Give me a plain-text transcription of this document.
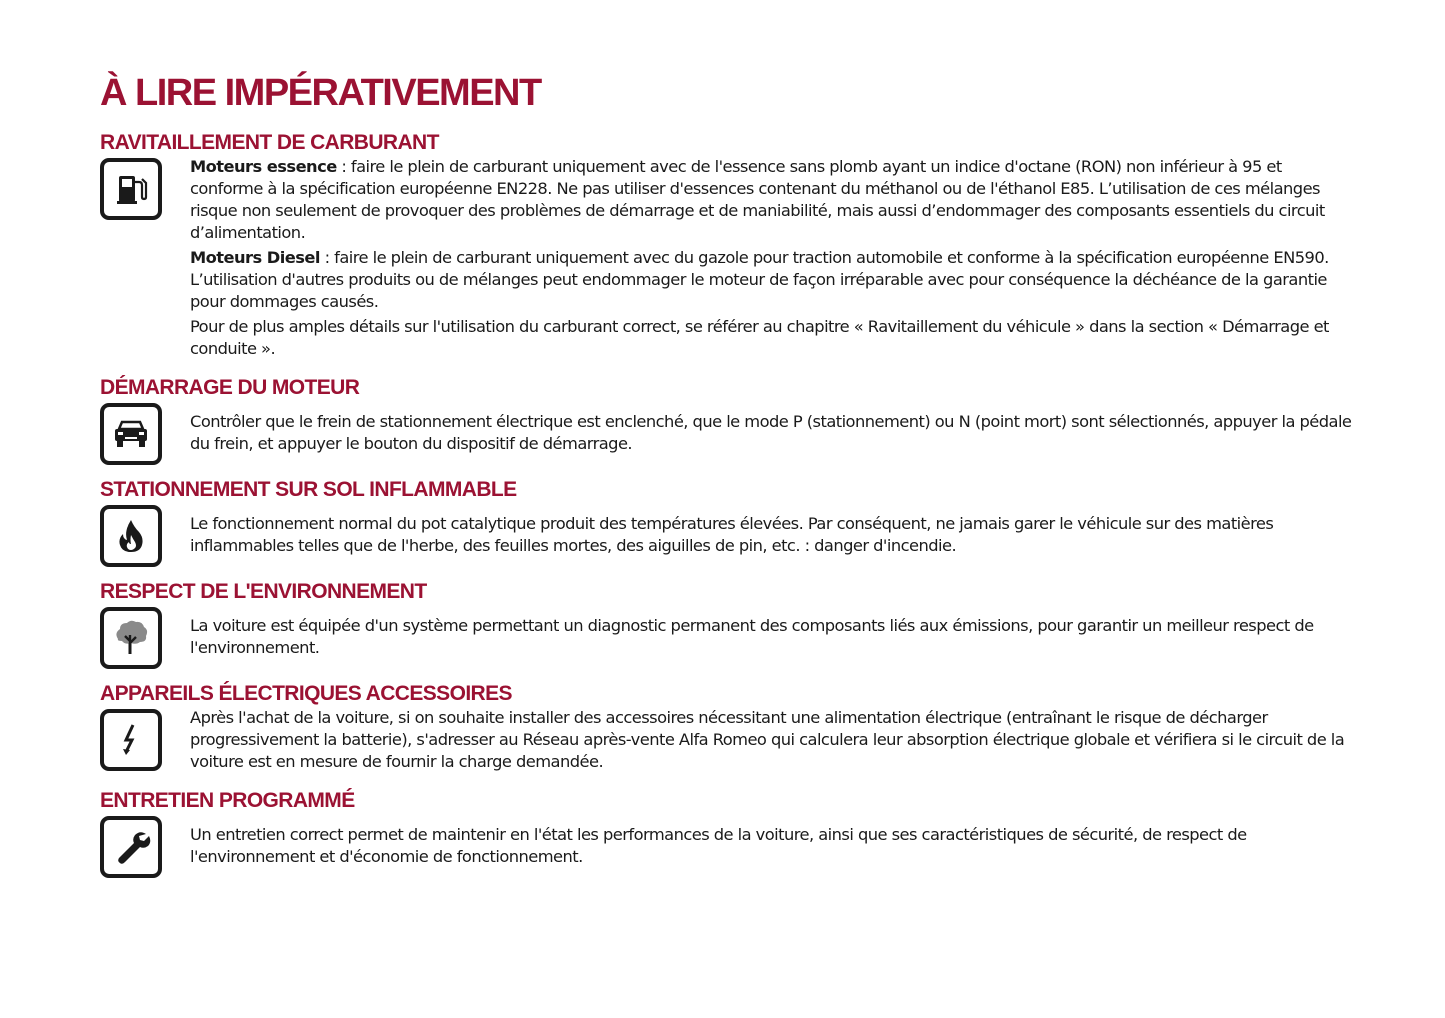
À LIRE IMPÉRATIVEMENT
RAVITAILLEMENT DE CARBURANT

Moteurs essence : faire le plein de carburant uniquement avec de l'essence sans plomb ayant un indice d'octane (RON) non inférieur à 95 et conforme à la spécification européenne EN228. Ne pas utiliser d'essences contenant du méthanol ou de l'éthanol E85. L’utilisation de ces mélanges risque non seulement de provoquer des problèmes de démarrage et de maniabilité, mais aussi d’endommager des composants essentiels du circuit d’alimentation.

Moteurs Diesel : faire le plein de carburant uniquement avec du gazole pour traction automobile et conforme à la spécification européenne EN590. L’utilisation d'autres produits ou de mélanges peut endommager le moteur de façon irréparable avec pour conséquence la déchéance de la garantie pour dommages causés.

Pour de plus amples détails sur l'utilisation du carburant correct, se référer au chapitre « Ravitaillement du véhicule » dans la section « Démarrage et conduite ».

DÉMARRAGE DU MOTEUR

Contrôler que le frein de stationnement électrique est enclenché, que le mode P (stationnement) ou N (point mort) sont sélectionnés, appuyer la pédale du frein, et appuyer le bouton du dispositif de démarrage.

STATIONNEMENT SUR SOL INFLAMMABLE

Le fonctionnement normal du pot catalytique produit des températures élevées. Par conséquent, ne jamais garer le véhicule sur des matières inflammables telles que de l'herbe, des feuilles mortes, des aiguilles de pin, etc. : danger d'incendie.

RESPECT DE L'ENVIRONNEMENT

La voiture est équipée d'un système permettant un diagnostic permanent des composants liés aux émissions, pour garantir un meilleur respect de l'environnement.

APPAREILS ÉLECTRIQUES ACCESSOIRES

Après l'achat de la voiture, si on souhaite installer des accessoires nécessitant une alimentation électrique (entraînant le risque de décharger progressivement la batterie), s'adresser au Réseau après-vente Alfa Romeo qui calculera leur absorption électrique globale et vérifiera si le circuit de la voiture est en mesure de fournir la charge demandée.

ENTRETIEN PROGRAMMÉ

Un entretien correct permet de maintenir en l'état les performances de la voiture, ainsi que ses caractéristiques de sécurité, de respect de l'environnement et d'économie de fonctionnement.
